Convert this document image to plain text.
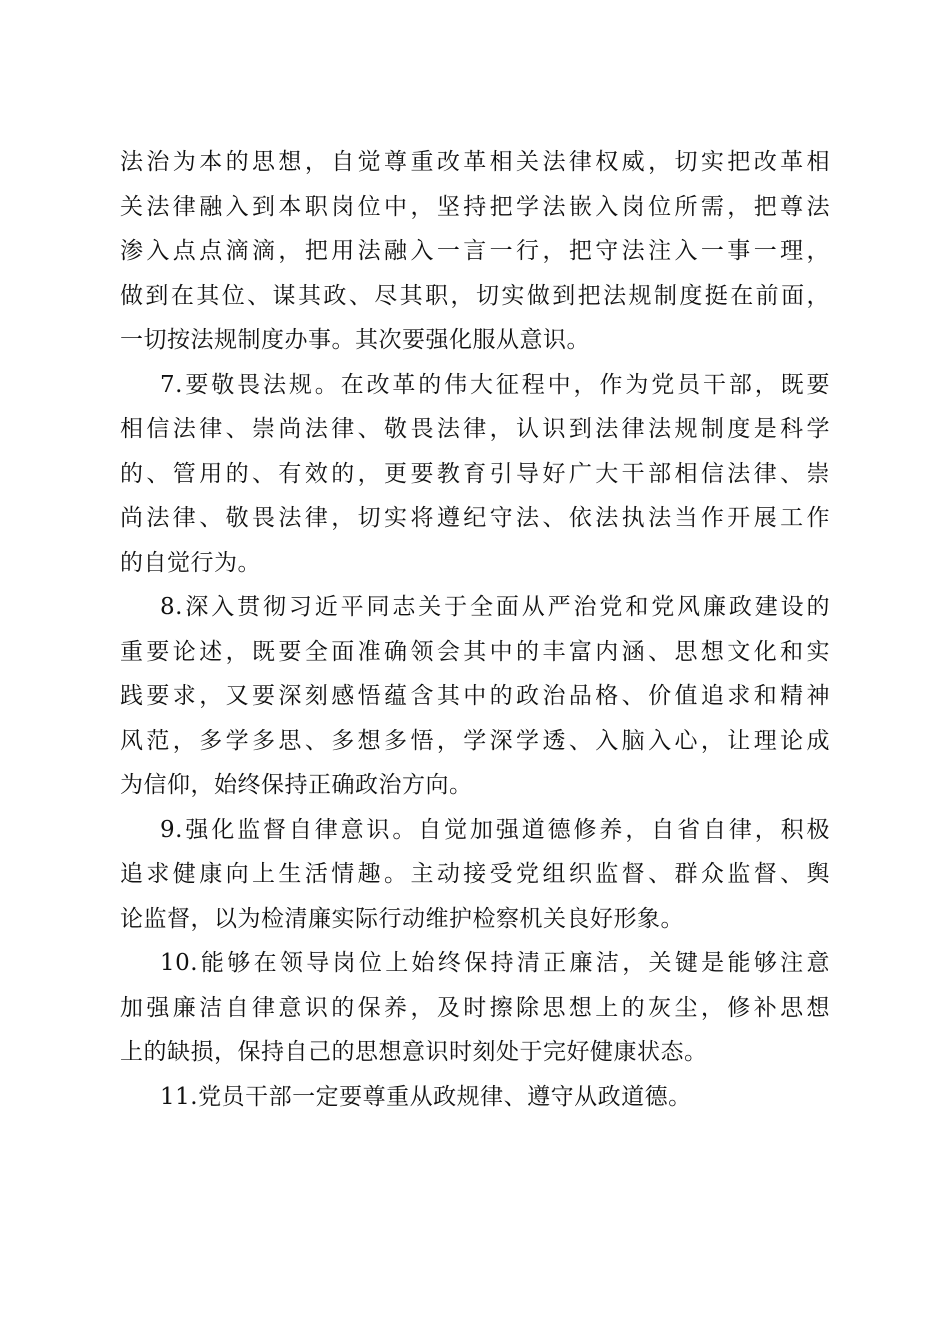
法治为本的思想，自觉尊重改革相关法律权威，切实把改革相
关法律融入到本职岗位中，坚持把学法嵌入岗位所需，把尊法
渗入点点滴滴，把用法融入一言一行，把守法注入一事一理，
做到在其位、谋其政、尽其职，切实做到把法规制度挺在前面，
一切按法规制度办事。其次要强化服从意识。

7.要敬畏法规。在改革的伟大征程中，作为党员干部，既要
相信法律、崇尚法律、敬畏法律，认识到法律法规制度是科学
的、管用的、有效的，更要教育引导好广大干部相信法律、崇
尚法律、敬畏法律，切实将遵纪守法、依法执法当作开展工作
的自觉行为。

8.深入贯彻习近平同志关于全面从严治党和党风廉政建设的
重要论述，既要全面准确领会其中的丰富内涵、思想文化和实
践要求，又要深刻感悟蕴含其中的政治品格、价值追求和精神
风范，多学多思、多想多悟，学深学透、入脑入心，让理论成
为信仰，始终保持正确政治方向。

9.强化监督自律意识。自觉加强道德修养，自省自律，积极
追求健康向上生活情趣。主动接受党组织监督、群众监督、舆
论监督，以为检清廉实际行动维护检察机关良好形象。

10.能够在领导岗位上始终保持清正廉洁，关键是能够注意
加强廉洁自律意识的保养，及时擦除思想上的灰尘，修补思想
上的缺损，保持自己的思想意识时刻处于完好健康状态。

11.党员干部一定要尊重从政规律、遵守从政道德。
